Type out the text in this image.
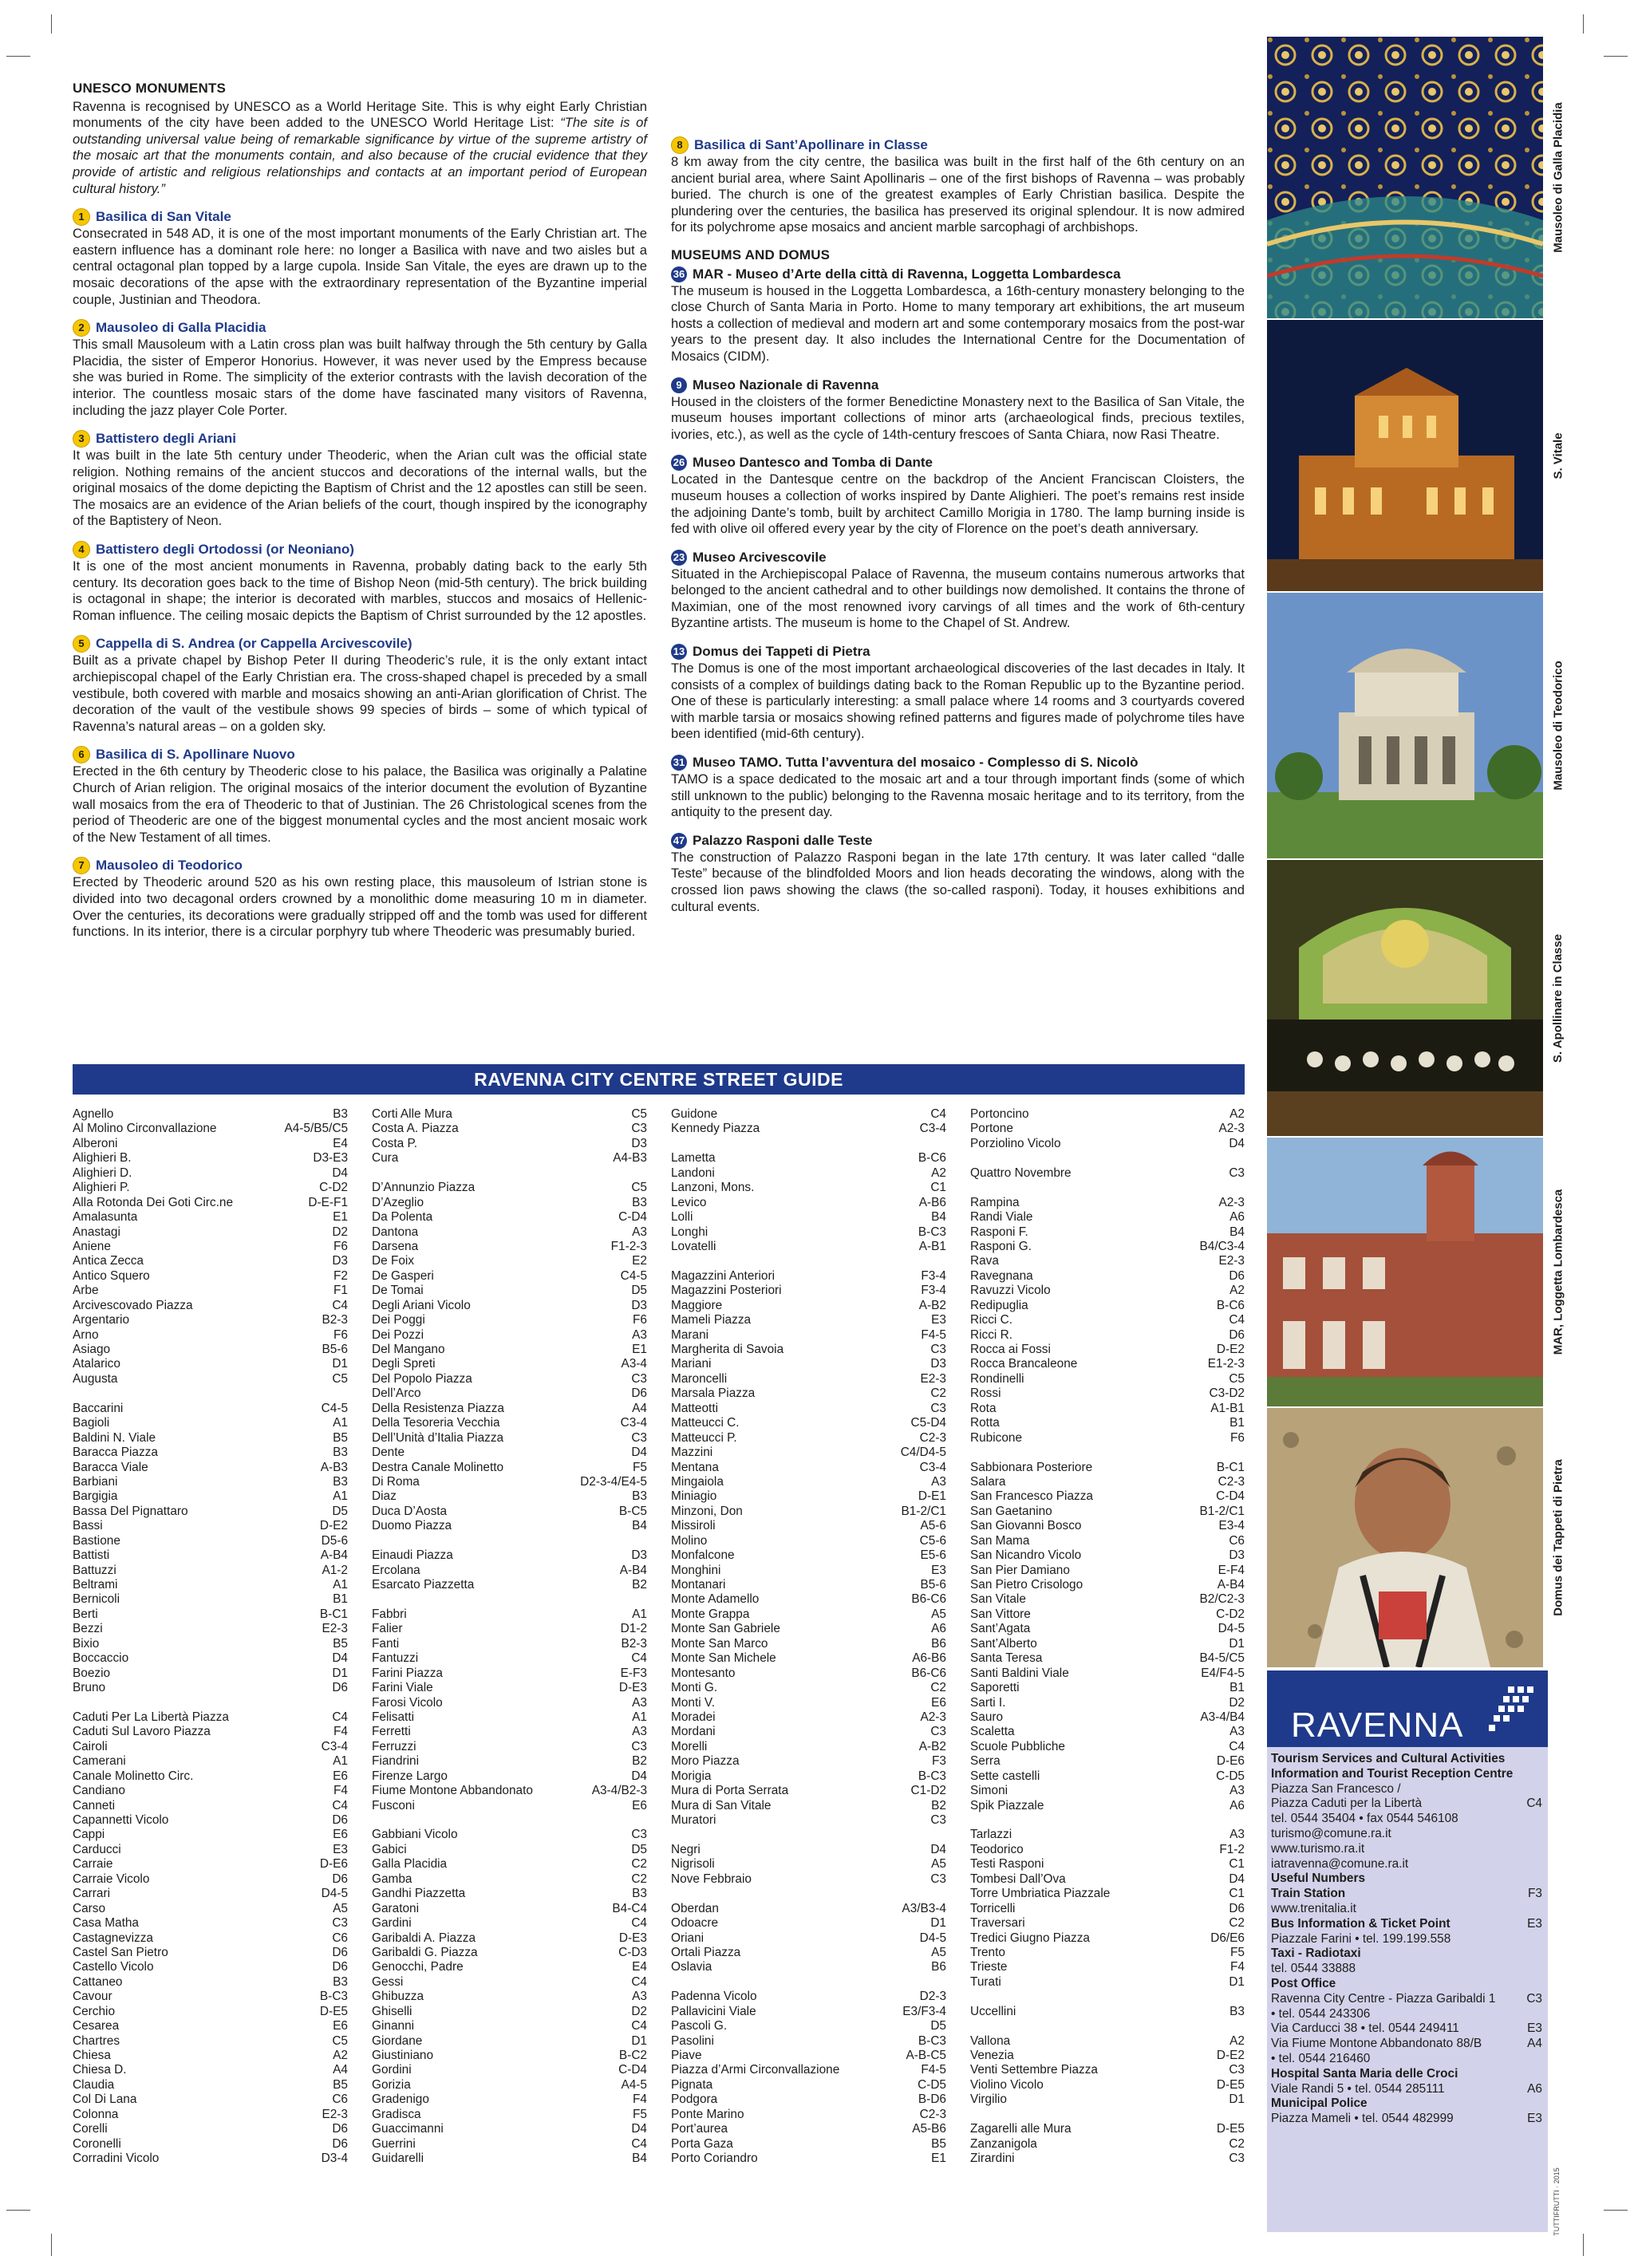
UNESCO MONUMENTS

Ravenna is recognised by UNESCO as a World Heritage Site. This is why eight Early Christian monuments of the city have been added to the UNESCO World Heritage List: “The site is of outstanding universal value being of remarkable significance by virtue of the supreme artistry of the mosaic art that the monuments contain, and also because of the crucial evidence that they provide of artistic and religious relationships and contacts at an important period of European cultural history.”

1 Basilica di San Vitale

Consecrated in 548 AD, it is one of the most important monuments of the Early Christian art. The eastern influence has a dominant role here: no longer a Basilica with nave and two aisles but a central octagonal plan topped by a large cupola. Inside San Vitale, the eyes are drawn up to the mosaic decorations of the apse with the extraordinary representation of the Byzantine imperial couple, Justinian and Theodora.

2 Mausoleo di Galla Placidia

This small Mausoleum with a Latin cross plan was built halfway through the 5th century by Galla Placidia, the sister of Emperor Honorius. However, it was never used by the Empress because she was buried in Rome. The simplicity of the exterior contrasts with the lavish decoration of the interior. The countless mosaic stars of the dome have fascinated many visitors of Ravenna, including the jazz player Cole Porter.

3 Battistero degli Ariani

It was built in the late 5th century under Theoderic, when the Arian cult was the official state religion. Nothing remains of the ancient stuccos and decorations of the internal walls, but the original mosaics of the dome depicting the Baptism of Christ and the 12 apostles can still be seen. The mosaics are an evidence of the Arian beliefs of the court, though inspired by the iconography of the Baptistery of Neon.

4 Battistero degli Ortodossi (or Neoniano)

It is one of the most ancient monuments in Ravenna, probably dating back to the early 5th century. Its decoration goes back to the time of Bishop Neon (mid-5th century). The brick building is octagonal in shape; the interior is decorated with marbles, stuccos and mosaics of Hellenic-Roman influence. The ceiling mosaic depicts the Baptism of Christ surrounded by the 12 apostles.

5 Cappella di S. Andrea (or Cappella Arcivescovile)

Built as a private chapel by Bishop Peter II during Theoderic’s rule, it is the only extant intact archiepiscopal chapel of the Early Christian era. The cross-shaped chapel is preceded by a small vestibule, both covered with marble and mosaics showing an anti-Arian glorification of Christ. The decoration of the vault of the vestibule shows 99 species of birds – some of which typical of Ravenna’s natural areas – on a golden sky.

6 Basilica di S. Apollinare Nuovo

Erected in the 6th century by Theoderic close to his palace, the Basilica was originally a Palatine Church of Arian religion. The original mosaics of the interior document the evolution of Byzantine wall mosaics from the era of Theoderic to that of Justinian. The 26 Christological scenes from the period of Theoderic are one of the biggest monumental cycles and the most ancient mosaic work of the New Testament of all times.

7 Mausoleo di Teodorico

Erected by Theoderic around 520 as his own resting place, this mausoleum of Istrian stone is divided into two decagonal orders crowned by a monolithic dome measuring 10 m in diameter. Over the centuries, its decorations were gradually stripped off and the tomb was used for different functions. In its interior, there is a circular porphyry tub where Theoderic was presumably buried.

8 Basilica di Sant’Apollinare in Classe

8 km away from the city centre, the basilica was built in the first half of the 6th century on an ancient burial area, where Saint Apollinaris – one of the first bishops of Ravenna – was probably buried. The church is one of the greatest examples of Early Christian basilica. Despite the plundering over the centuries, the basilica has preserved its original splendour. It is now admired for its polychrome apse mosaics and ancient marble sarcophagi of archbishops.

MUSEUMS AND DOMUS
36 MAR - Museo d’Arte della città di Ravenna, Loggetta Lombardesca

The museum is housed in the Loggetta Lombardesca, a 16th-century monastery belonging to the close Church of Santa Maria in Porto. Home to many temporary art exhibitions, the art museum hosts a collection of medieval and modern art and some contemporary mosaics from the post-war years to the present day. It also includes the International Centre for the Documentation of Mosaics (CIDM).

9 Museo Nazionale di Ravenna

Housed in the cloisters of the former Benedictine Monastery next to the Basilica of San Vitale, the museum houses important collections of minor arts (archaeological finds, precious textiles, ivories, etc.), as well as the cycle of 14th-century frescoes of Santa Chiara, now Rasi Theatre.

26 Museo Dantesco and Tomba di Dante

Located in the Dantesque centre on the backdrop of the Ancient Franciscan Cloisters, the museum houses a collection of works inspired by Dante Alighieri. The poet’s remains rest inside the adjoining Dante’s tomb, built by architect Camillo Morigia in 1780. The lamp burning inside is fed with olive oil offered every year by the city of Florence on the poet’s death anniversary.

23 Museo Arcivescovile

Situated in the Archiepiscopal Palace of Ravenna, the museum contains numerous artworks that belonged to the ancient cathedral and to other buildings now demolished. It contains the throne of Maximian, one of the most renowned ivory carvings of all times and the work of 6th-century Byzantine artists. The museum is home to the Chapel of St. Andrew.

13 Domus dei Tappeti di Pietra

The Domus is one of the most important archaeological discoveries of the last decades in Italy. It consists of a complex of buildings dating back to the Roman Republic up to the Byzantine period. One of these is particularly interesting: a small palace where 14 rooms and 3 courtyards covered with marble tarsia or mosaics showing refined patterns and figures made of polychrome tiles have been identified (mid-6th century).

31 Museo TAMO. Tutta l’avventura del mosaico - Complesso di S. Nicolò

TAMO is a space dedicated to the mosaic art and a tour through important finds (some of which still unknown to the public) belonging to the Ravenna mosaic heritage and to its territory, from the antiquity to the present day.

47 Palazzo Rasponi dalle Teste

The construction of Palazzo Rasponi began in the late 17th century. It was later called “dalle Teste” because of the blindfolded Moors and lion heads decorating the windows, along with the crossed lion paws showing the claws (the so-called rasponi). Today, it houses exhibitions and cultural events.

RAVENNA CITY CENTRE STREET GUIDE
Agnello	B3
Al Molino Circonvallazione	A4-5/B5/C5
Alberoni	E4
Alighieri B.	D3-E3
Alighieri D.	D4
Alighieri P.	C-D2
Alla Rotonda Dei Goti Circ.ne	D-E-F1
Amalasunta	E1
Anastagi	D2
Aniene	F6
Antica Zecca	D3
Antico Squero	F2
Arbe	F1
Arcivescovado Piazza	C4
Argentario	B2-3
Arno	F6
Asiago	B5-6
Atalarico	D1
Augusta	C5
Baccarini	C4-5
Bagioli	A1
Baldini N. Viale	B5
Baracca Piazza	B3
Baracca Viale	A-B3
Barbiani	B3
Bargigia	A1
Bassa Del Pignattaro	D5
Bassi	D-E2
Bastione	D5-6
Battisti	A-B4
Battuzzi	A1-2
Beltrami	A1
Bernicoli	B1
Berti	B-C1
Bezzi	E2-3
Bixio	B5
Boccaccio	D4
Boezio	D1
Bruno	D6
Caduti Per La Libertà Piazza	C4
Caduti Sul Lavoro Piazza	F4
Cairoli	C3-4
Camerani	A1
Canale Molinetto Circ.	E6
Candiano	F4
Canneti	C4
Capannetti Vicolo	D6
Cappi	E6
Carducci	E3
Carraie	D-E6
Carraie Vicolo	D6
Carrari	D4-5
Carso	A5
Casa Matha	C3
Castagnevizza	C6
Castel San Pietro	D6
Castello Vicolo	D6
Cattaneo	B3
Cavour	B-C3
Cerchio	D-E5
Cesarea	E6
Chartres	C5
Chiesa	A2
Chiesa D.	A4
Claudia	B5
Col Di Lana	C6
Colonna	E2-3
Corelli	D6
Coronelli	D6
Corradini Vicolo	D3-4
Corti Alle Mura	C5
Costa A. Piazza	C3
Costa P.	D3
Cura	A4-B3
D’Annunzio Piazza	C5
D’Azeglio	B3
Da Polenta	C-D4
Dantona	A3
Darsena	F1-2-3
De Foix	E2
De Gasperi	C4-5
De Tomai	D5
Degli Ariani Vicolo	D3
Dei Poggi	F6
Dei Pozzi	A3
Del Mangano	E1
Degli Spreti	A3-4
Del Popolo Piazza	C3
Dell’Arco	D6
Della Resistenza Piazza	A4
Della Tesoreria Vecchia	C3-4
Dell’Unità d’Italia Piazza	C3
Dente	D4
Destra Canale Molinetto	F5
Di Roma	D2-3-4/E4-5
Diaz	B3
Duca D’Aosta	B-C5
Duomo Piazza	B4
Einaudi Piazza	D3
Ercolana	A-B4
Esarcato Piazzetta	B2
Fabbri	A1
Falier	D1-2
Fanti	B2-3
Fantuzzi	C4
Farini Piazza	E-F3
Farini Viale	D-E3
Farosi Vicolo	A3
Felisatti	A1
Ferretti	A3
Ferruzzi	C3
Fiandrini	B2
Firenze Largo	D4
Fiume Montone Abbandonato	A3-4/B2-3
Fusconi	E6
Gabbiani Vicolo	C3
Gabici	D5
Galla Placidia	C2
Gamba	C2
Gandhi Piazzetta	B3
Garatoni	B4-C4
Gardini	C4
Garibaldi A. Piazza	D-E3
Garibaldi G. Piazza	C-D3
Genocchi, Padre	E4
Gessi	C4
Ghibuzza	A3
Ghiselli	D2
Ginanni	C4
Giordane	D1
Giustiniano	B-C2
Gordini	C-D4
Gorizia	A4-5
Gradenigo	F4
Gradisca	F5
Guaccimanni	D4
Guerrini	C4
Guidarelli	B4
Guidone	C4
Kennedy Piazza	C3-4
Lametta	B-C6
Landoni	A2
Lanzoni, Mons.	C1
Levico	A-B6
Lolli	B4
Longhi	B-C3
Lovatelli	A-B1
Magazzini Anteriori	F3-4
Magazzini Posteriori	F3-4
Maggiore	A-B2
Mameli Piazza	E3
Marani	F4-5
Margherita di Savoia	C3
Mariani	D3
Maroncelli	E2-3
Marsala Piazza	C2
Matteotti	C3
Matteucci C.	C5-D4
Matteucci P.	C2-3
Mazzini	C4/D4-5
Mentana	C3-4
Mingaiola	A3
Miniagio	D-E1
Minzoni, Don	B1-2/C1
Missiroli	A5-6
Molino	C5-6
Monfalcone	E5-6
Monghini	E3
Montanari	B5-6
Monte Adamello	B6-C6
Monte Grappa	A5
Monte San Gabriele	A6
Monte San Marco	B6
Monte San Michele	A6-B6
Montesanto	B6-C6
Monti G.	C2
Monti V.	E6
Moradei	A2-3
Mordani	C3
Morelli	A-B2
Moro Piazza	F3
Morigia	B-C3
Mura di Porta Serrata	C1-D2
Mura di San Vitale	B2
Muratori	C3
Negri	D4
Nigrisoli	A5
Nove Febbraio	C3
Oberdan	A3/B3-4
Odoacre	D1
Oriani	D4-5
Ortali Piazza	A5
Oslavia	B6
Padenna Vicolo	D2-3
Pallavicini Viale	E3/F3-4
Pascoli G.	D5
Pasolini	B-C3
Piave	A-B-C5
Piazza d’Armi Circonvallazione	F4-5
Pignata	C-D5
Podgora	B-D6
Ponte Marino	C2-3
Port’aurea	A5-B6
Porta Gaza	B5
Porto Coriandro	E1
Portoncino	A2
Portone	A2-3
Porziolino Vicolo	D4
Quattro Novembre	C3
Rampina	A2-3
Randi Viale	A6
Rasponi F.	B4
Rasponi G.	B4/C3-4
Rava	E2-3
Ravegnana	D6
Ravuzzi Vicolo	A2
Redipuglia	B-C6
Ricci C.	C4
Ricci R.	D6
Rocca ai Fossi	D-E2
Rocca Brancaleone	E1-2-3
Rondinelli	C5
Rossi	C3-D2
Rota	A1-B1
Rotta	B1
Rubicone	F6
Sabbionara Posteriore	B-C1
Salara	C2-3
San Francesco Piazza	C-D4
San Gaetanino	B1-2/C1
San Giovanni Bosco	E3-4
San Mama	C6
San Nicandro Vicolo	D3
San Pier Damiano	E-F4
San Pietro Crisologo	A-B4
San Vitale	B2/C2-3
San Vittore	C-D2
Sant’Agata	D4-5
Sant’Alberto	D1
Santa Teresa	B4-5/C5
Santi Baldini Viale	E4/F4-5
Saporetti	B1
Sarti I.	D2
Sauro	A3-4/B4
Scaletta	A3
Scuole Pubbliche	C4
Serra	D-E6
Sette castelli	C-D5
Simoni	A3
Spik Piazzale	A6
Tarlazzi	A3
Teodorico	F1-2
Testi Rasponi	C1
Tombesi Dall’Ova	D4
Torre Umbriatica Piazzale	C1
Torricelli	D6
Traversari	C2
Tredici Giugno Piazza	D6/E6
Trento	F5
Trieste	F4
Turati	D1
Uccellini	B3
Vallona	A2
Venezia	D-E2
Venti Settembre Piazza	C3
Violino Vicolo	D-E5
Virgilio	D1
Zagarelli alle Mura	D-E5
Zanzanigola	C2
Zirardini	C3
Mausoleo di Galla Placidia
S. Vitale
Mausoleo di Teodorico
S. Apollinare in Classe
MAR, Loggetta Lombardesca
Domus dei Tappeti di Pietra
RAVENNA
Tourism Services and Cultural Activities
Information and Tourist Reception Centre
Piazza San Francesco /
Piazza Caduti per la Libertà	C4
tel. 0544 35404 • fax 0544 546108
turismo@comune.ra.it
www.turismo.ra.it
iatravenna@comune.ra.it
Useful Numbers
Train Station	F3
www.trenitalia.it
Bus Information & Ticket Point	E3
Piazzale Farini • tel. 199.199.558
Taxi - Radiotaxi
tel. 0544 33888
Post Office
Ravenna City Centre - Piazza Garibaldi 1	C3
• tel. 0544 243306
Via Carducci 38 • tel. 0544 249411	E3
Via Fiume Montone Abbandonato 88/B	A4
• tel. 0544 216460
Hospital Santa Maria delle Croci
Viale Randi 5 • tel. 0544 285111	A6
Municipal Police
Piazza Mameli • tel. 0544 482999	E3
TUTTIFRUTTI · 2015
